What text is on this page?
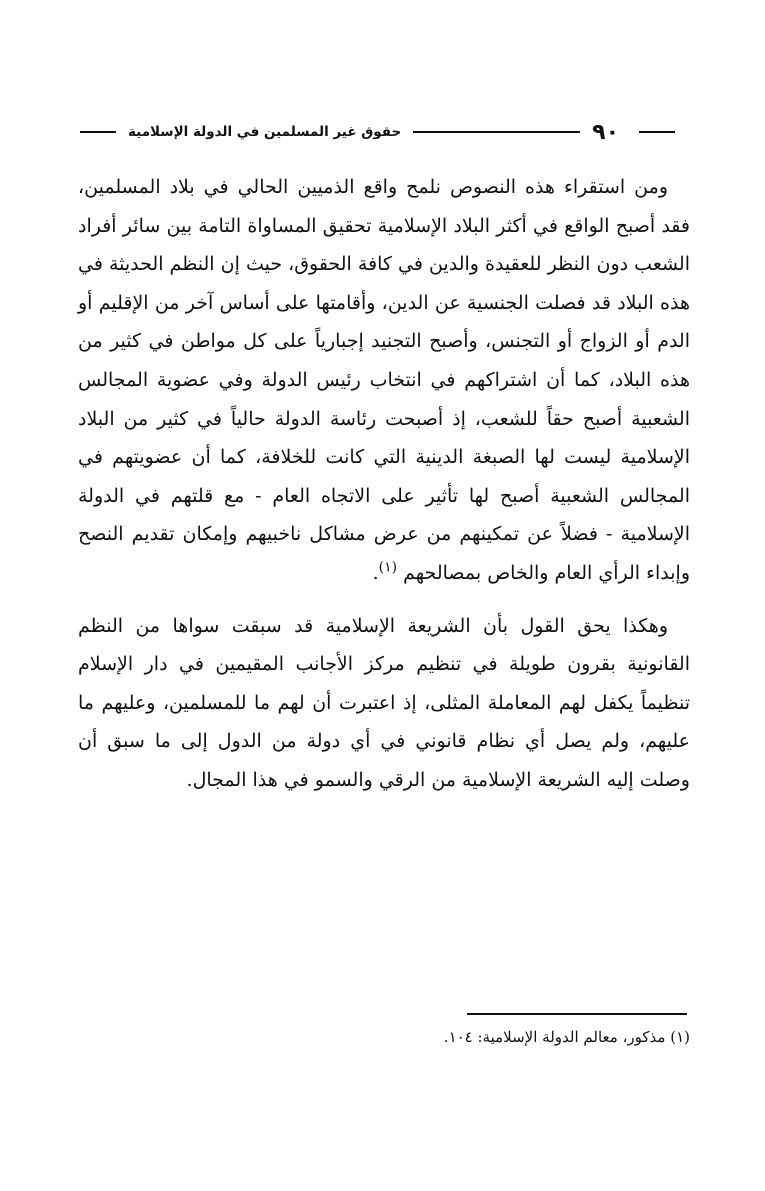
٩٠
حقوق غير المسلمين في الدولة الإسلامية

ومن استقراء هذه النصوص نلمح واقع الذميين الحالي في بلاد المسلمين، فقد أصبح الواقع في أكثر البلاد الإسلامية تحقيق المساواة التامة بين سائر أفراد الشعب دون النظر للعقيدة والدين في كافة الحقوق، حيث إن النظم الحديثة في هذه البلاد قد فصلت الجنسية عن الدين، وأقامتها على أساس آخر من الإقليم أو الدم أو الزواج أو التجنس، وأصبح التجنيد إجبارياً على كل مواطن في كثير من هذه البلاد، كما أن اشتراكهم في انتخاب رئيس الدولة وفي عضوية المجالس الشعبية أصبح حقاً للشعب، إذ أصبحت رئاسة الدولة حالياً في كثير من البلاد الإسلامية ليست لها الصبغة الدينية التي كانت للخلافة، كما أن عضويتهم في المجالس الشعبية أصبح لها تأثير على الاتجاه العام - مع قلتهم في الدولة الإسلامية - فضلاً عن تمكينهم من عرض مشاكل ناخبيهم وإمكان تقديم النصح وإبداء الرأي العام والخاص بمصالحهم $^{(١)}$.

وهكذا يحق القول بأن الشريعة الإسلامية قد سبقت سواها من النظم القانونية بقرون طويلة في تنظيم مركز الأجانب المقيمين في دار الإسلام تنظيماً يكفل لهم المعاملة المثلى، إذ اعتبرت أن لهم ما للمسلمين، وعليهم ما عليهم، ولم يصل أي نظام قانوني في أي دولة من الدول إلى ما سبق أن وصلت إليه الشريعة الإسلامية من الرقي والسمو في هذا المجال.

(١) مذكور، معالم الدولة الإسلامية: ١٠٤.
